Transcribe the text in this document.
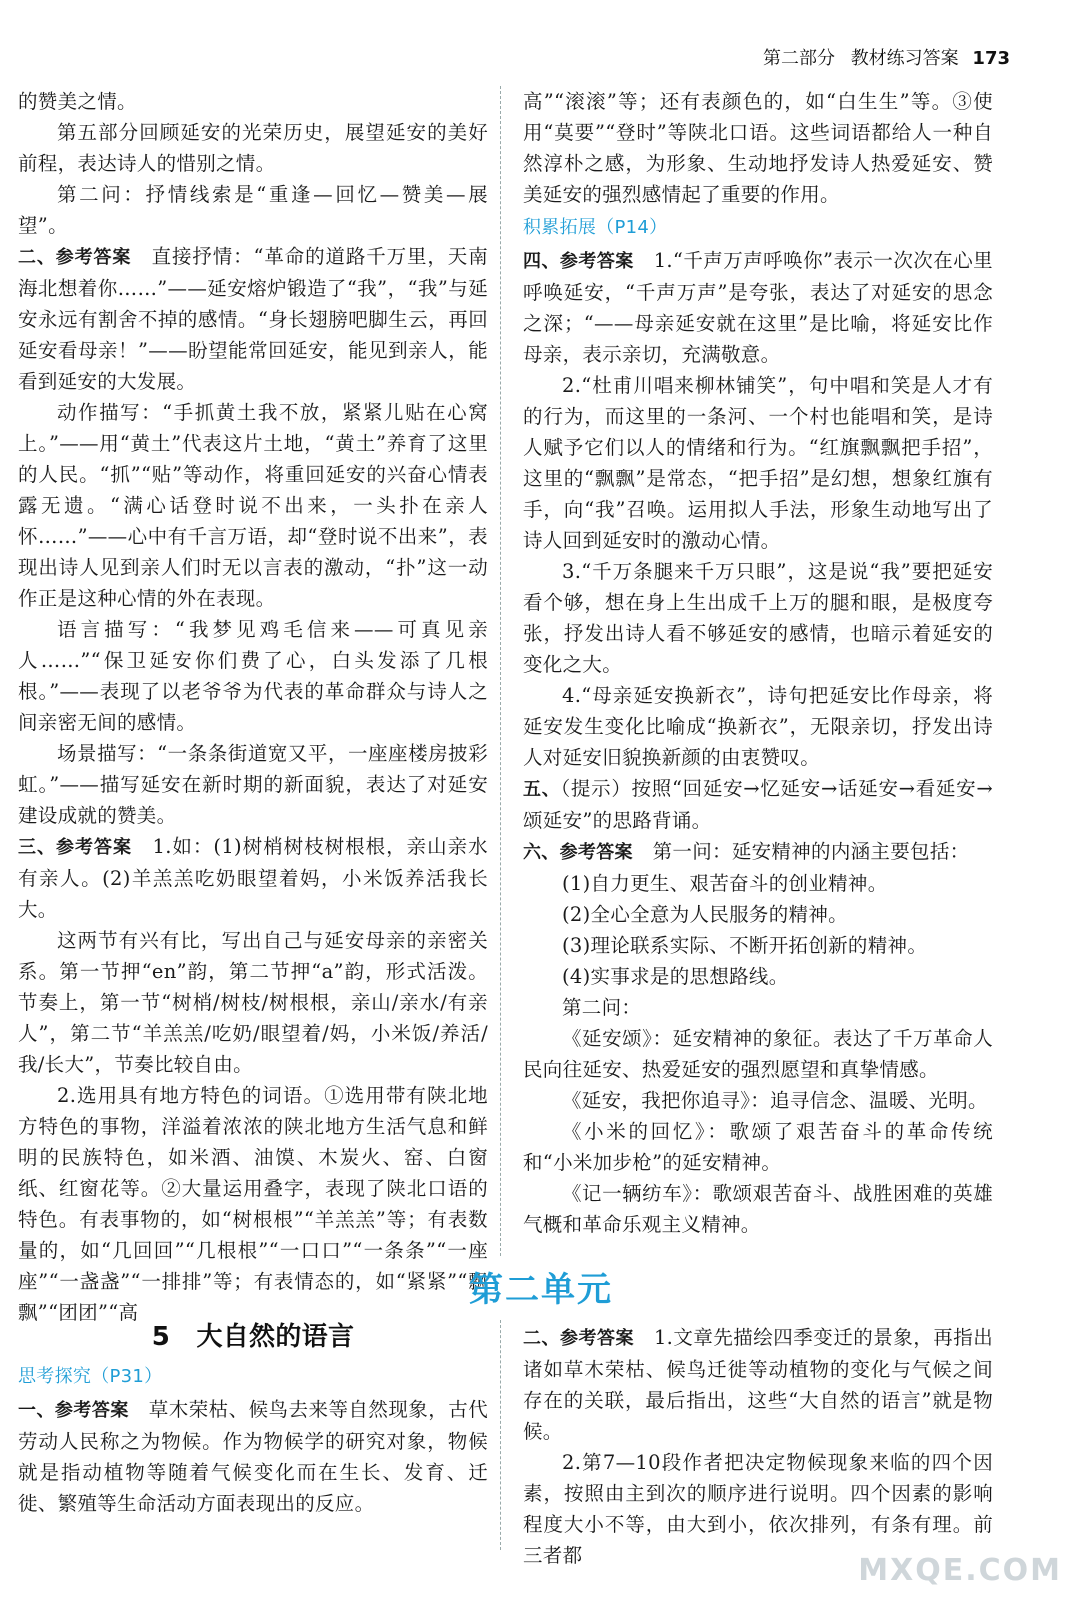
第二部分 教材练习答案 173

的赞美之情。

第五部分回顾延安的光荣历史，展望延安的美好前程，表达诗人的惜别之情。

第二问：抒情线索是“重逢—回忆—赞美—展望”。

二、参考答案　直接抒情：“革命的道路千万里，天南海北想着你……”——延安熔炉锻造了“我”，“我”与延安永远有割舍不掉的感情。“身长翅膀吧脚生云，再回延安看母亲！”——盼望能常回延安，能见到亲人，能看到延安的大发展。

动作描写：“手抓黄土我不放，紧紧儿贴在心窝上。”——用“黄土”代表这片土地，“黄土”养育了这里的人民。“抓”“贴”等动作，将重回延安的兴奋心情表露无遗。“满心话登时说不出来，一头扑在亲人怀……”——心中有千言万语，却“登时说不出来”，表现出诗人见到亲人们时无以言表的激动，“扑”这一动作正是这种心情的外在表现。

语言描写：“我梦见鸡毛信来——可真见亲人……”“保卫延安你们费了心，白头发添了几根根。”——表现了以老爷爷为代表的革命群众与诗人之间亲密无间的感情。

场景描写：“一条条街道宽又平，一座座楼房披彩虹。”——描写延安在新时期的新面貌，表达了对延安建设成就的赞美。

三、参考答案　1.如：(1)树梢树枝树根根，亲山亲水有亲人。(2)羊羔羔吃奶眼望着妈，小米饭养活我长大。

这两节有兴有比，写出自己与延安母亲的亲密关系。第一节押“en”韵，第二节押“a”韵，形式活泼。节奏上，第一节“树梢/树枝/树根根，亲山/亲水/有亲人”，第二节“羊羔羔/吃奶/眼望着/妈，小米饭/养活/我/长大”，节奏比较自由。

2.选用具有地方特色的词语。①选用带有陕北地方特色的事物，洋溢着浓浓的陕北地方生活气息和鲜明的民族特色，如米酒、油馍、木炭火、窑、白窗纸、红窗花等。②大量运用叠字，表现了陕北口语的特色。有表事物的，如“树根根”“羊羔羔”等；有表数量的，如“几回回”“几根根”“一口口”“一条条”“一座座”“一盏盏”“一排排”等；有表情态的，如“紧紧”“飘飘”“团团”“高

高”“滚滚”等；还有表颜色的，如“白生生”等。③使用“莫要”“登时”等陕北口语。这些词语都给人一种自然淳朴之感，为形象、生动地抒发诗人热爱延安、赞美延安的强烈感情起了重要的作用。

积累拓展（P14）

四、参考答案　1.“千声万声呼唤你”表示一次次在心里呼唤延安，“千声万声”是夸张，表达了对延安的思念之深；“——母亲延安就在这里”是比喻，将延安比作母亲，表示亲切，充满敬意。

2.“杜甫川唱来柳林铺笑”，句中唱和笑是人才有的行为，而这里的一条河、一个村也能唱和笑，是诗人赋予它们以人的情绪和行为。“红旗飘飘把手招”，这里的“飘飘”是常态，“把手招”是幻想，想象红旗有手，向“我”召唤。运用拟人手法，形象生动地写出了诗人回到延安时的激动心情。

3.“千万条腿来千万只眼”，这是说“我”要把延安看个够，想在身上生出成千上万的腿和眼，是极度夸张，抒发出诗人看不够延安的感情，也暗示着延安的变化之大。

4.“母亲延安换新衣”，诗句把延安比作母亲，将延安发生变化比喻成“换新衣”，无限亲切，抒发出诗人对延安旧貌换新颜的由衷赞叹。

五、（提示）按照“回延安→忆延安→话延安→看延安→颂延安”的思路背诵。

六、参考答案　第一问：延安精神的内涵主要包括：

(1)自力更生、艰苦奋斗的创业精神。

(2)全心全意为人民服务的精神。

(3)理论联系实际、不断开拓创新的精神。

(4)实事求是的思想路线。

第二问：

《延安颂》：延安精神的象征。表达了千万革命人民向往延安、热爱延安的强烈愿望和真挚情感。

《延安，我把你追寻》：追寻信念、温暖、光明。

《小米的回忆》：歌颂了艰苦奋斗的革命传统和“小米加步枪”的延安精神。

《记一辆纺车》：歌颂艰苦奋斗、战胜困难的英雄气概和革命乐观主义精神。

第二单元
5　大自然的语言

思考探究（P31）

一、参考答案　草木荣枯、候鸟去来等自然现象，古代劳动人民称之为物候。作为物候学的研究对象，物候就是指动植物等随着气候变化而在生长、发育、迁徙、繁殖等生命活动方面表现出的反应。

二、参考答案　1.文章先描绘四季变迁的景象，再指出诸如草木荣枯、候鸟迁徙等动植物的变化与气候之间存在的关联，最后指出，这些“大自然的语言”就是物候。

2.第7—10段作者把决定物候现象来临的四个因素，按照由主到次的顺序进行说明。四个因素的影响程度大小不等，由大到小，依次排列，有条有理。前三者都	MXQE.COM
